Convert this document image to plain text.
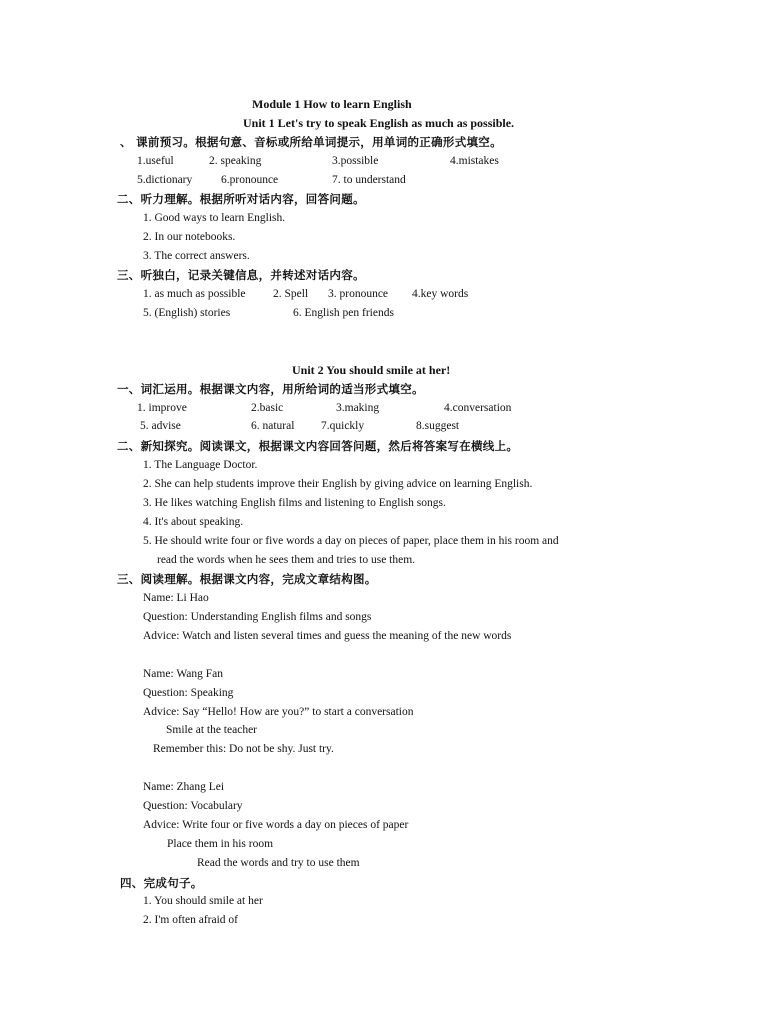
Module 1 How to learn English
Unit 1 Let's try to speak English as much as possible.
、 课前预习。根据句意、音标或所给单词提示，用单词的正确形式填空。
1.useful	2. speaking	3.possible	4.mistakes
5.dictionary	6.pronounce	7. to understand
二、听力理解。根据所听对话内容，回答问题。
1. Good ways to learn English.
2. In our notebooks.
3. The correct answers.
三、听独白，记录关键信息，并转述对话内容。
1. as much as possible 2. Spell 3. pronounce 4.key words
5. (English) stories	6. English pen friends
Unit 2 You should smile at her!
一、词汇运用。根据课文内容，用所给词的适当形式填空。
1. improve	2.basic	3.making	4.conversation
5. advise	6. natural 7.quickly	8.suggest
二、新知探究。阅读课文，根据课文内容回答问题，然后将答案写在横线上。
1. The Language Doctor.
2. She can help students improve their English by giving advice on learning English.
3. He likes watching English films and listening to English songs.
4. It's about speaking.
5. He should write four or five words a day on pieces of paper, place them in his room and
read the words when he sees them and tries to use them.
三、阅读理解。根据课文内容，完成文章结构图。
Name: Li Hao
Question: Understanding English films and songs
Advice: Watch and listen several times and guess the meaning of the new words
Name: Wang Fan
Question: Speaking
Advice: Say “Hello! How are you?” to start a conversation
Smile at the teacher
Remember this: Do not be shy. Just try.
Name: Zhang Lei
Question: Vocabulary
Advice: Write four or five words a day on pieces of paper
Place them in his room
Read the words and try to use them
四、完成句子。
1. You should smile at her
2. I'm often afraid of
